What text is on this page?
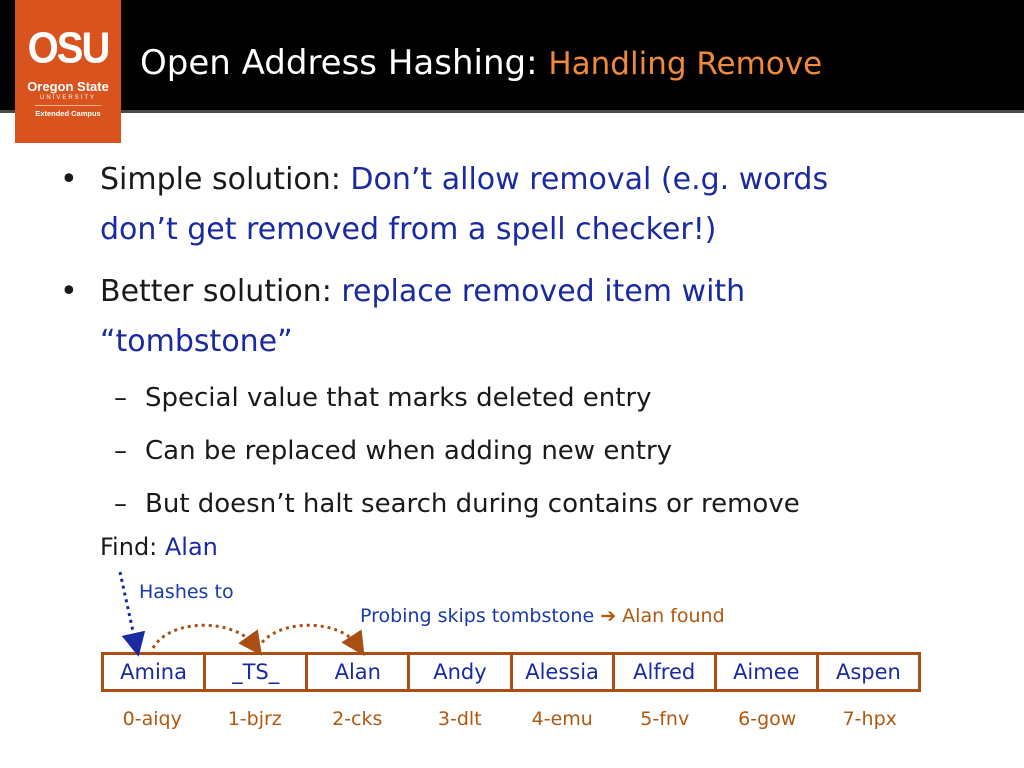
OSU
Oregon State
UNIVERSITY
Extended Campus
Open Address Hashing: Handling Remove
• Simple solution: Don’t allow removal (e.g. words
don’t get removed from a spell checker!)
• Better solution: replace removed item with
“tombstone”
– Special value that marks deleted entry
– Can be replaced when adding new entry
– But doesn’t halt search during contains or remove
Find: Alan
Hashes to
Probing skips tombstone ➔ Alan found
Amina	_TS_	Alan	Andy	Alessia	Alfred	Aimee	Aspen
0-aiqy	1-bjrz	2-cks	3-dlt	4-emu	5-fnv	6-gow	7-hpx
